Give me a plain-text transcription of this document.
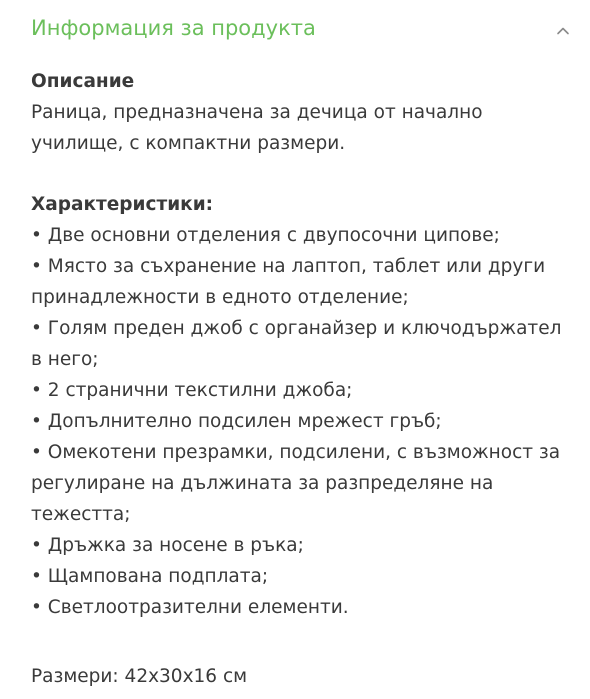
Информация за продукта

Описание

Раница, предназначена за дечица от начално училище, с компактни размери.

Характеристики:

• Две основни отделения с двупосочни ципове;
• Място за съхранение на лаптоп, таблет или други принадлежности в едното отделение;
• Голям преден джоб с органайзер и ключодържател в него;
• 2 странични текстилни джоба;
• Допълнително подсилен мрежест гръб;
• Омекотени презрамки, подсилени, с възможност за регулиране на дължината за разпределяне на тежестта;
• Дръжка за носене в ръка;
• Щампована подплата;
• Светлоотразителни елементи.

Размери: 42x30x16 см
